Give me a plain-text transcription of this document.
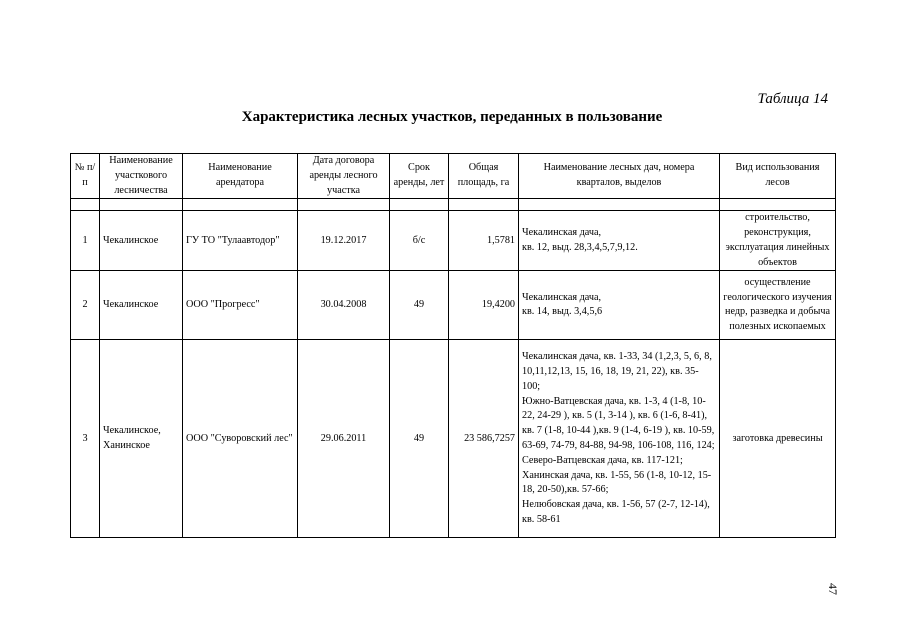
Таблица 14
Характеристика лесных участков, переданных в пользование
№ п/п	Наименование участкового лесничества	Наименование арендатора	Дата договора аренды лесного участка	Срок аренды, лет	Общая площадь, га	Наименование лесных дач, номера кварталов, выделов	Вид использования лесов

1	Чекалинское	ГУ ТО "Тулаавтодор"	19.12.2017	б/с	1,5781	Чекалинская дача,
кв. 12, выд. 28,3,4,5,7,9,12.	строительство, реконструкция, эксплуатация линейных объектов
2	Чекалинское	ООО "Прогресс"	30.04.2008	49	19,4200	Чекалинская дача,
кв. 14, выд. 3,4,5,6	осуществление геологического изучения недр, разведка и добыча полезных ископаемых
3	Чекалинское, Ханинское	ООО "Суворовский лес"	29.06.2011	49	23 586,7257	Чекалинская дача, кв. 1-33, 34 (1,2,3, 5, 6, 8, 10,11,12,13, 15, 16, 18, 19, 21, 22), кв. 35-100;
Южно-Ватцевская дача, кв. 1-3, 4 (1-8, 10-22, 24-29 ), кв. 5 (1, 3-14 ), кв. 6 (1-6, 8-41), кв. 7 (1-8, 10-44 ),кв. 9 (1-4, 6-19 ), кв. 10-59, 63-69, 74-79, 84-88, 94-98, 106-108, 116, 124;
Северо-Ватцевская дача, кв. 117-121;
Ханинская дача, кв. 1-55, 56 (1-8, 10-12, 15-18, 20-50),кв. 57-66;
Нелюбовская дача, кв. 1-56, 57 (2-7, 12-14), кв. 58-61	заготовка древесины
47
